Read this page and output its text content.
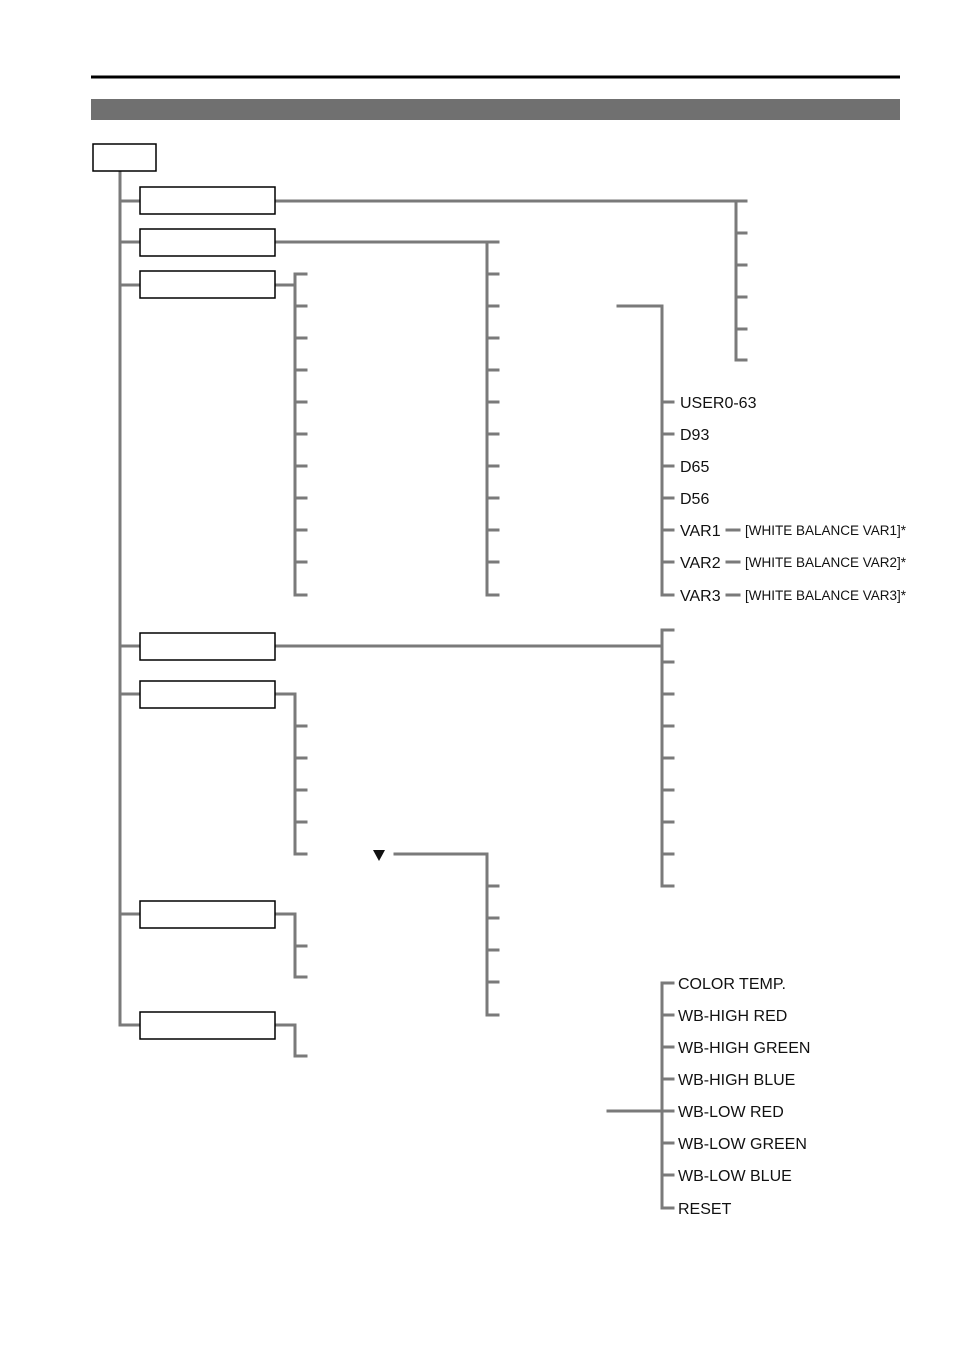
USER0-63
D93
D65
D56
VAR1 [WHITE BALANCE VAR1]*
VAR2 [WHITE BALANCE VAR2]*
VAR3 [WHITE BALANCE VAR3]*
COLOR TEMP.
WB-HIGH RED
WB-HIGH GREEN
WB-HIGH BLUE
WB-LOW RED
WB-LOW GREEN
WB-LOW BLUE
RESET
